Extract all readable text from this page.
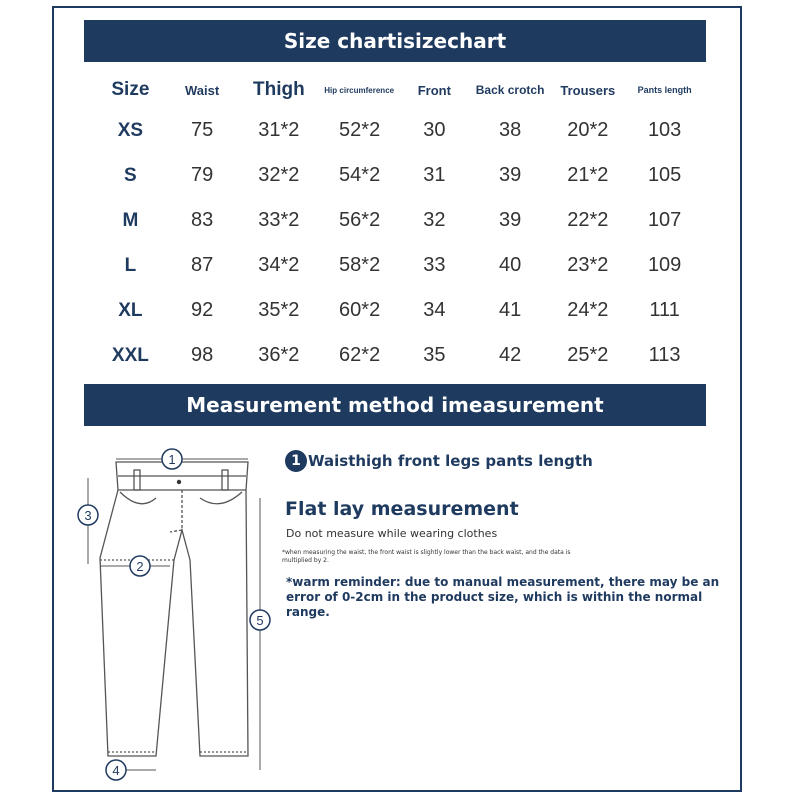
Size chartisizechart
Size	Waist	Thigh	Hip circumference	Front	Back crotch	Trousers	Pants length
XS	75	31*2	52*2	30	38	20*2	103
S	79	32*2	54*2	31	39	21*2	105
M	83	33*2	56*2	32	39	22*2	107
L	87	34*2	58*2	33	40	23*2	109
XL	92	35*2	60*2	34	41	24*2	111
XXL	98	36*2	62*2	35	42	25*2	113
Measurement method imeasurement
1
3
2
5
4
1 Waisthigh front legs pants length
Flat lay measurement
Do not measure while wearing clothes
*when measuring the waist, the front waist is slightly lower than the back waist, and the data is multiplied by 2.
*warm reminder: due to manual measurement, there may be an error of 0-2cm in the product size, which is within the normal range.
